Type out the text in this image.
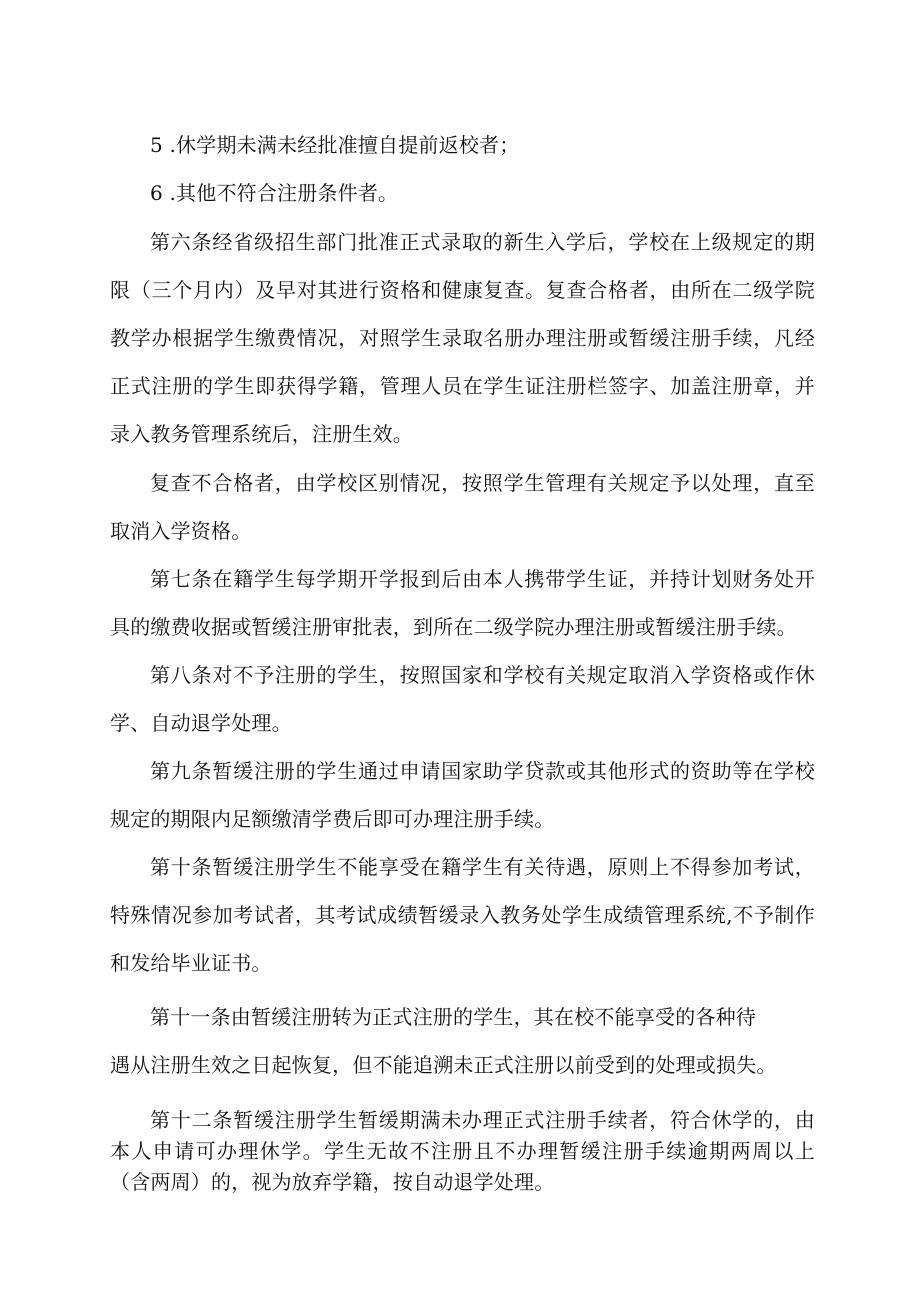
5 .休学期未满未经批准擅自提前返校者；

6 .其他不符合注册条件者。

第六条经省级招生部门批准正式录取的新生入学后，学校在上级规定的期限（三个月内）及早对其进行资格和健康复查。复查合格者，由所在二级学院教学办根据学生缴费情况，对照学生录取名册办理注册或暂缓注册手续，凡经正式注册的学生即获得学籍，管理人员在学生证注册栏签字、加盖注册章，并录入教务管理系统后，注册生效。

复查不合格者，由学校区别情况，按照学生管理有关规定予以处理，直至取消入学资格。

第七条在籍学生每学期开学报到后由本人携带学生证，并持计划财务处开具的缴费收据或暂缓注册审批表，到所在二级学院办理注册或暂缓注册手续。

第八条对不予注册的学生，按照国家和学校有关规定取消入学资格或作休学、自动退学处理。

第九条暂缓注册的学生通过申请国家助学贷款或其他形式的资助等在学校规定的期限内足额缴清学费后即可办理注册手续。

第十条暂缓注册学生不能享受在籍学生有关待遇，原则上不得参加考试，特殊情况参加考试者，其考试成绩暂缓录入教务处学生成绩管理系统,不予制作和发给毕业证书。

第十一条由暂缓注册转为正式注册的学生，其在校不能享受的各种待

遇从注册生效之日起恢复，但不能追溯未正式注册以前受到的处理或损失。

第十二条暂缓注册学生暂缓期满未办理正式注册手续者，符合休学的，由本人申请可办理休学。学生无故不注册且不办理暂缓注册手续逾期两周以上（含两周）的，视为放弃学籍，按自动退学处理。
